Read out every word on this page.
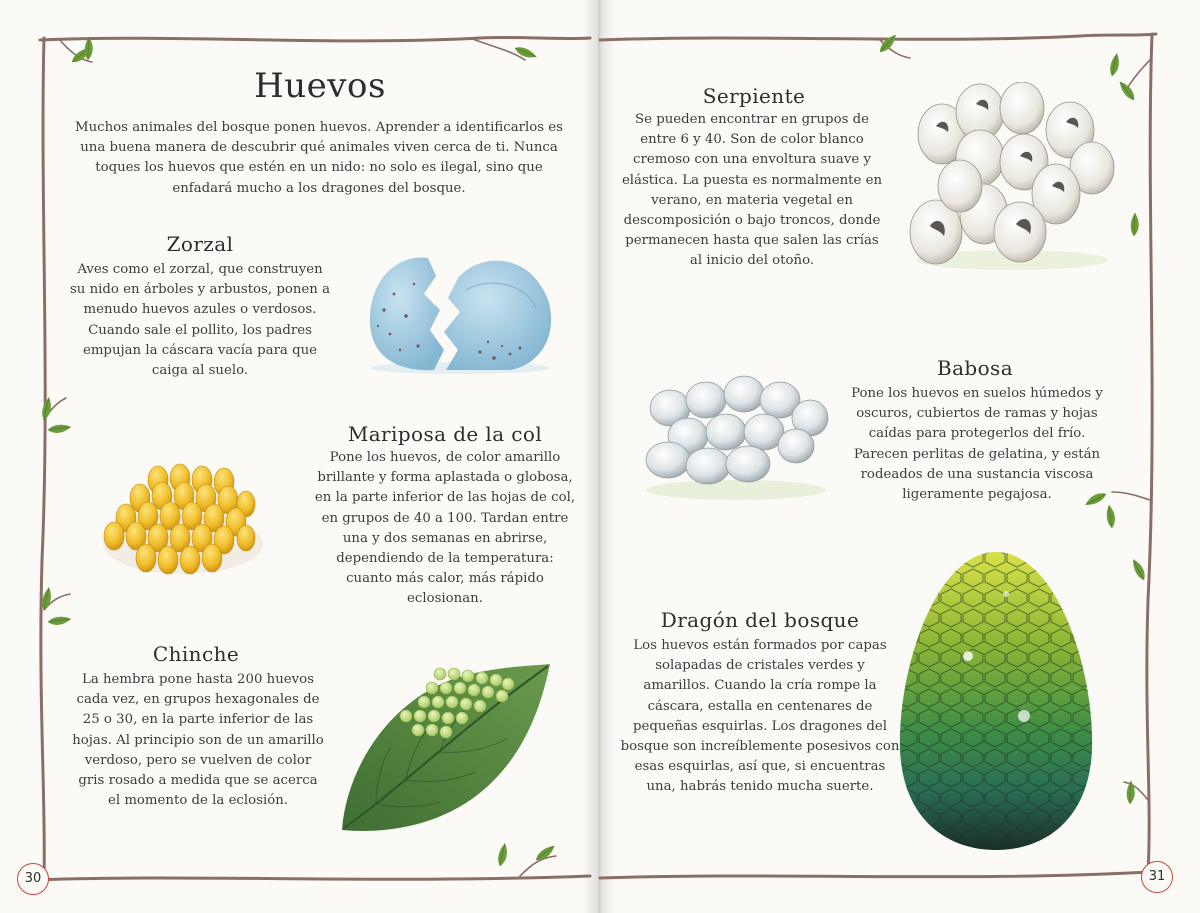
Huevos
Muchos animales del bosque ponen huevos. Aprender a identificarlos es una buena manera de descubrir qué animales viven cerca de ti. Nunca toques los huevos que estén en un nido: no solo es ilegal, sino que enfadará mucho a los dragones del bosque.
Zorzal
Aves como el zorzal, que construyen su nido en árboles y arbustos, ponen a menudo huevos azules o verdosos. Cuando sale el pollito, los padres empujan la cáscara vacía para que caiga al suelo.
Mariposa de la col
Pone los huevos, de color amarillo brillante y forma aplastada o globosa, en la parte inferior de las hojas de col, en grupos de 40 a 100. Tardan entre una y dos semanas en abrirse, dependiendo de la temperatura: cuanto más calor, más rápido eclosionan.
Chinche
La hembra pone hasta 200 huevos cada vez, en grupos hexagonales de 25 o 30, en la parte inferior de las hojas. Al principio son de un amarillo verdoso, pero se vuelven de color gris rosado a medida que se acerca el momento de la eclosión.
Serpiente
Se pueden encontrar en grupos de entre 6 y 40. Son de color blanco cremoso con una envoltura suave y elástica. La puesta es normalmente en verano, en materia vegetal en descomposición o bajo troncos, donde permanecen hasta que salen las crías al inicio del otoño.
Babosa
Pone los huevos en suelos húmedos y oscuros, cubiertos de ramas y hojas caídas para protegerlos del frío. Parecen perlitas de gelatina, y están rodeados de una sustancia viscosa ligeramente pegajosa.
Dragón del bosque
Los huevos están formados por capas solapadas de cristales verdes y amarillos. Cuando la cría rompe la cáscara, estalla en centenares de pequeñas esquirlas. Los dragones del bosque son increíblemente posesivos con esas esquirlas, así que, si encuentras una, habrás tenido mucha suerte.
30	31
